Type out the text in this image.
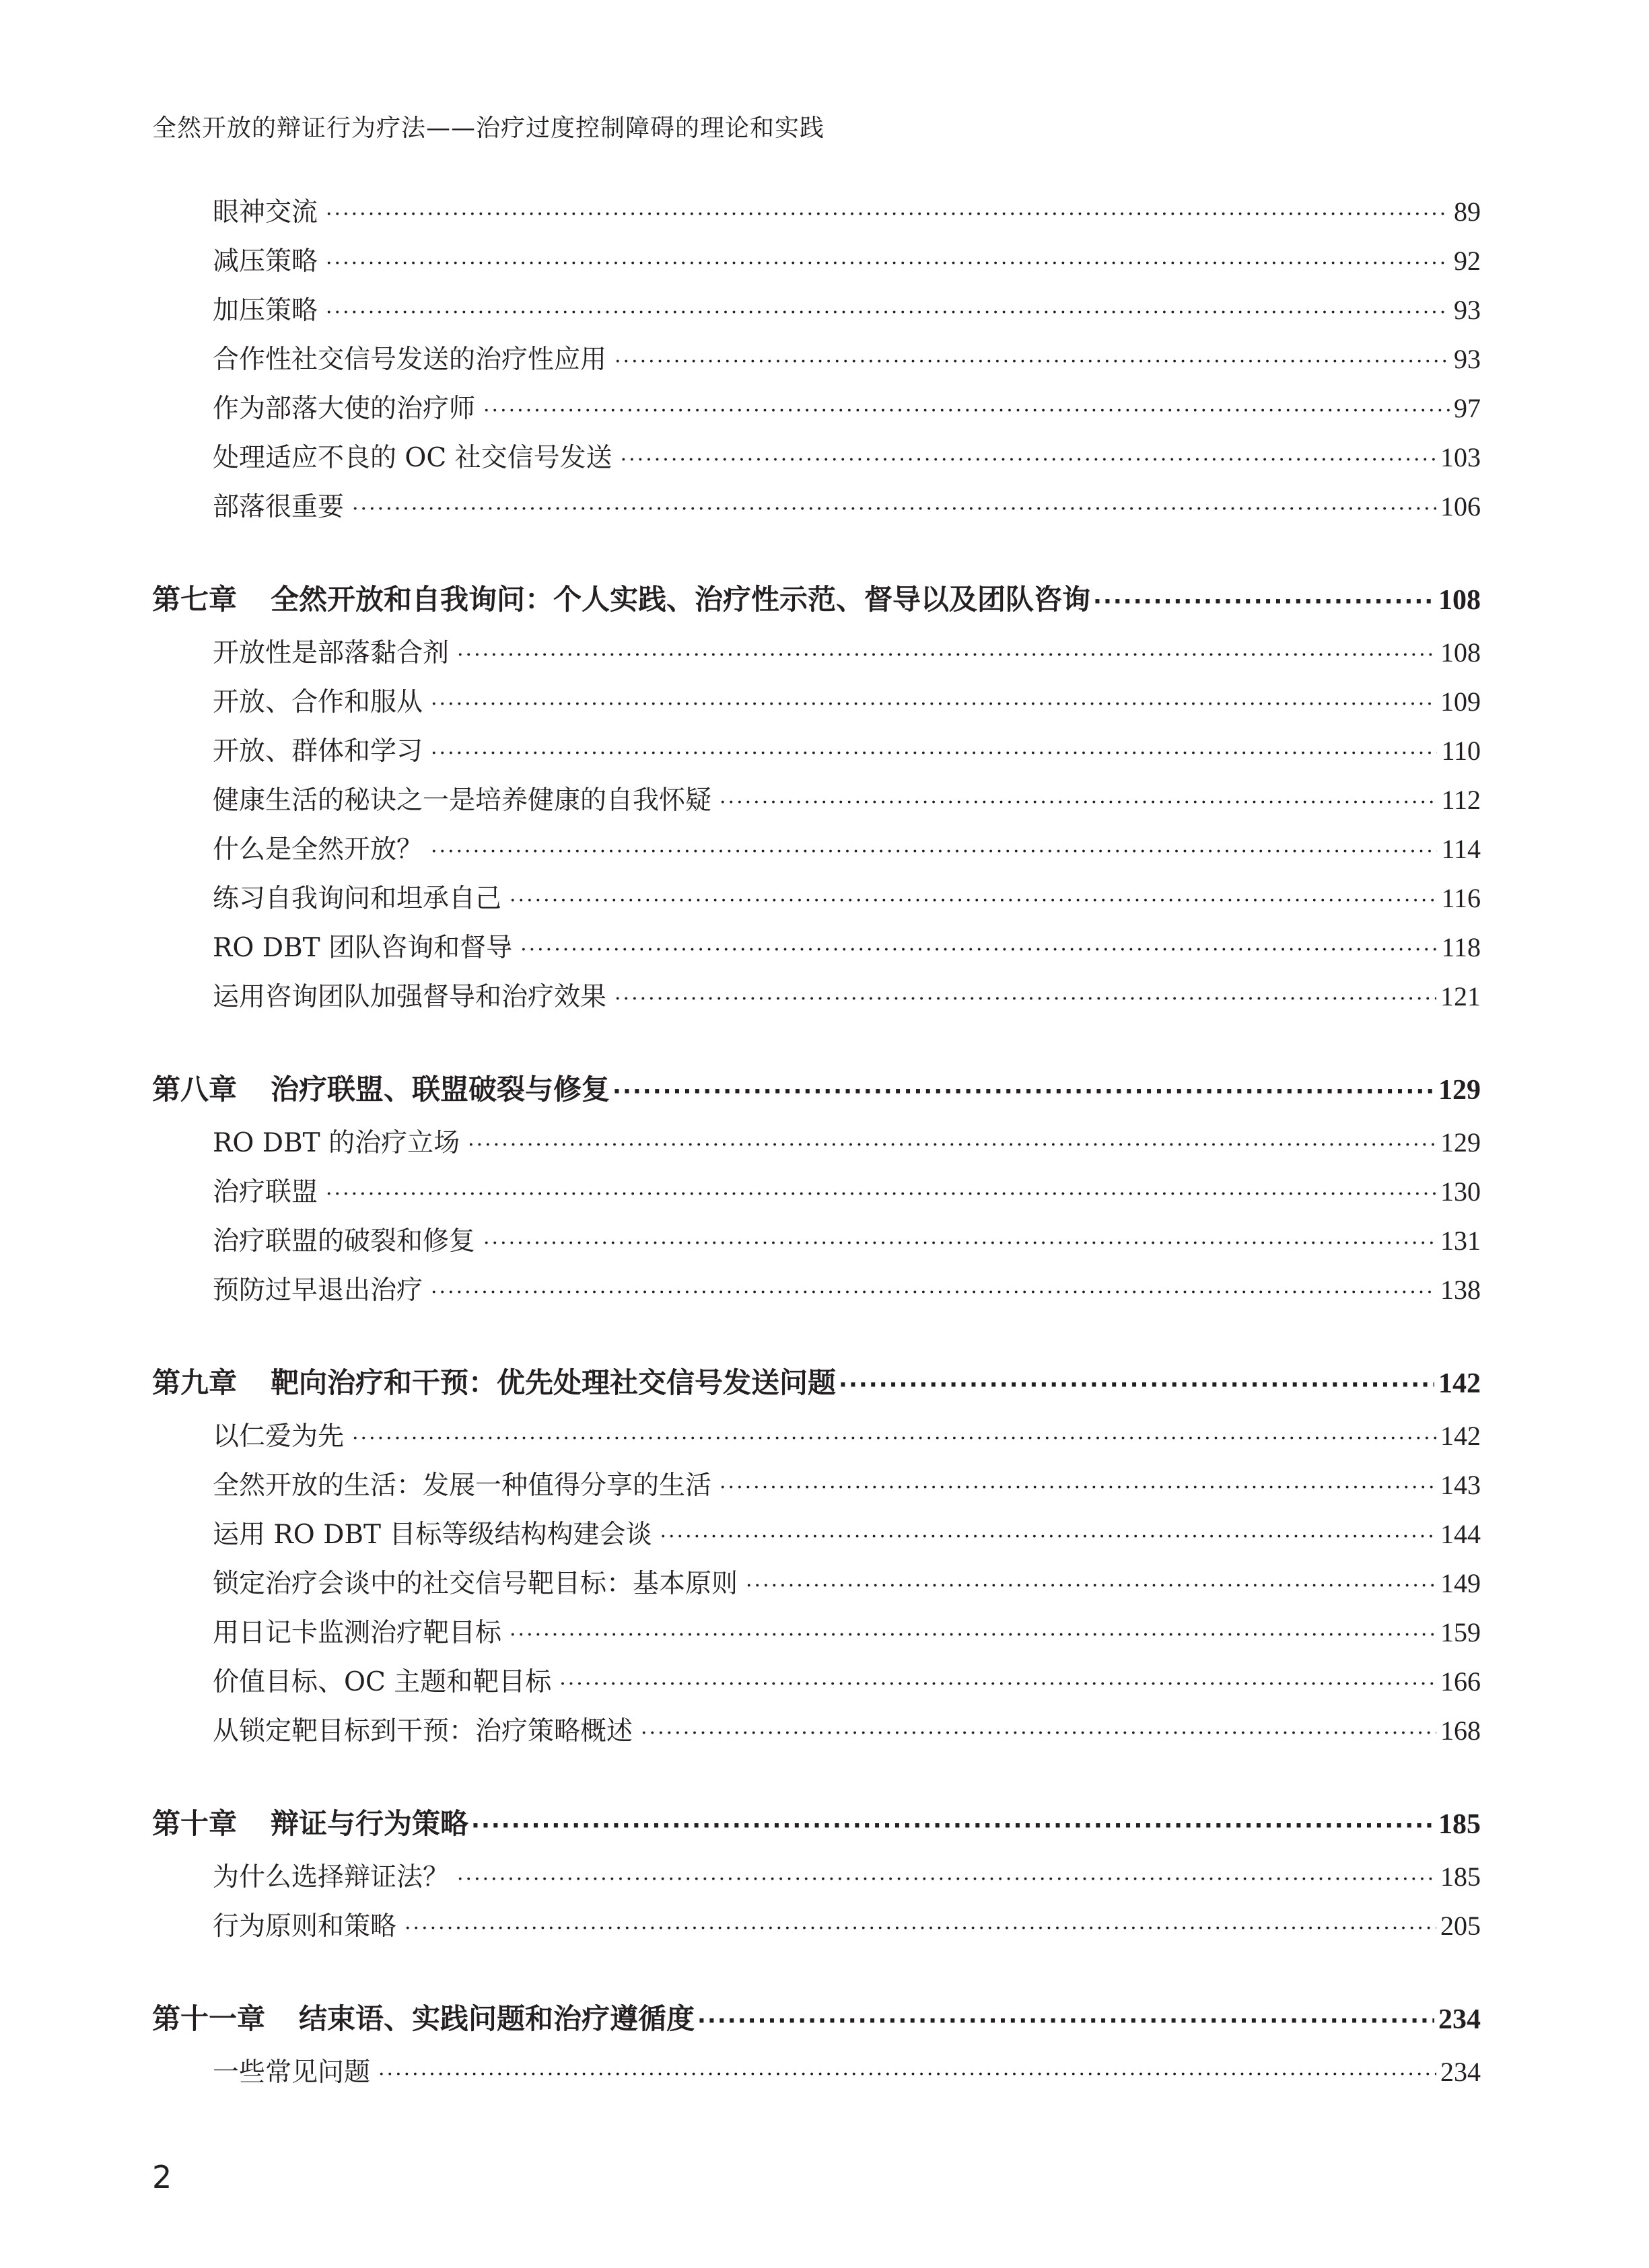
全然开放的辩证行为疗法——治疗过度控制障碍的理论和实践
眼神交流 ·····	89
减压策略 ·····	92
加压策略 ·····	93
合作性社交信号发送的治疗性应用 ·····	93
作为部落大使的治疗师 ·····	97
处理适应不良的 OC 社交信号发送 ·····	103
部落很重要 ·····	106
第七章 全然开放和自我询问：个人实践、治疗性示范、督导以及团队咨询 ·····	108
开放性是部落黏合剂 ·····	108
开放、合作和服从 ·····	109
开放、群体和学习 ·····	110
健康生活的秘诀之一是培养健康的自我怀疑 ·····	112
什么是全然开放？ ·····	114
练习自我询问和坦承自己 ·····	116
RO DBT 团队咨询和督导 ·····	118
运用咨询团队加强督导和治疗效果 ·····	121
第八章 治疗联盟、联盟破裂与修复 ·····	129
RO DBT 的治疗立场 ·····	129
治疗联盟 ·····	130
治疗联盟的破裂和修复 ·····	131
预防过早退出治疗 ·····	138
第九章 靶向治疗和干预：优先处理社交信号发送问题 ·····	142
以仁爱为先 ·····	142
全然开放的生活：发展一种值得分享的生活 ·····	143
运用 RO DBT 目标等级结构构建会谈 ·····	144
锁定治疗会谈中的社交信号靶目标：基本原则 ·····	149
用日记卡监测治疗靶目标 ·····	159
价值目标、OC 主题和靶目标 ·····	166
从锁定靶目标到干预：治疗策略概述 ·····	168
第十章 辩证与行为策略 ·····	185
为什么选择辩证法？ ·····	185
行为原则和策略 ·····	205
第十一章 结束语、实践问题和治疗遵循度 ·····	234
一些常见问题 ·····	234
2
